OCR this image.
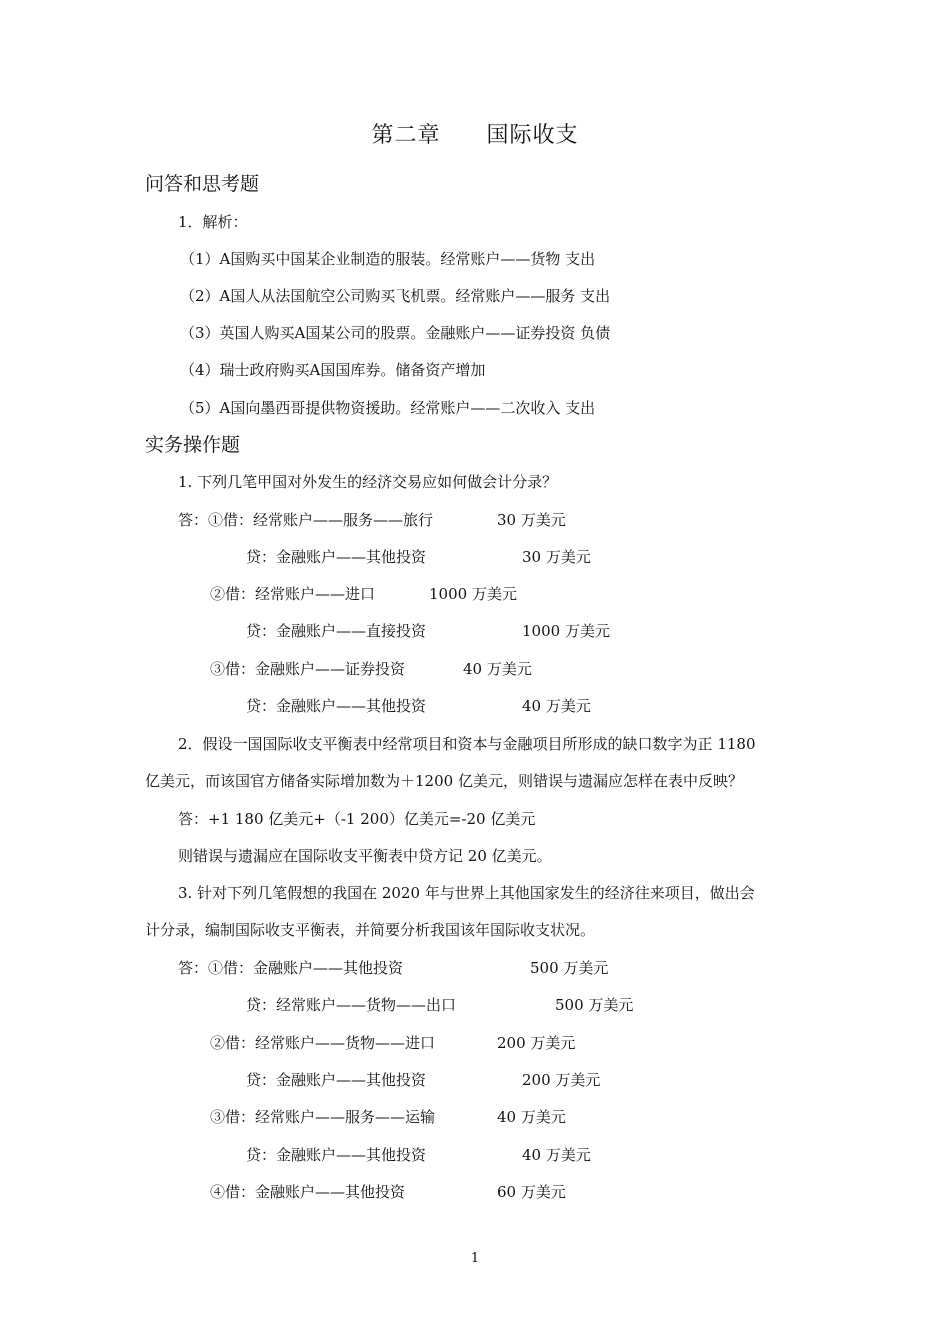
第二章　　国际收支
问答和思考题
1．解析：
（1）A国购买中国某企业制造的服装。经常账户——货物 支出
（2）A国人从法国航空公司购买飞机票。经常账户——服务 支出
（3）英国人购买A国某公司的股票。金融账户——证券投资 负债
（4）瑞士政府购买A国国库券。储备资产增加
（5）A国向墨西哥提供物资援助。经常账户——二次收入 支出
实务操作题
1. 下列几笔甲国对外发生的经济交易应如何做会计分录？
答：①借：经常账户——服务——旅行	30 万美元
贷：金融账户——其他投资	30 万美元
②借：经常账户——进口	1000 万美元
贷：金融账户——直接投资	1000 万美元
③借：金融账户——证券投资	40 万美元
贷：金融账户——其他投资	40 万美元
2．假设一国国际收支平衡表中经常项目和资本与金融项目所形成的缺口数字为正 1180
亿美元，而该国官方储备实际增加数为＋1200 亿美元，则错误与遗漏应怎样在表中反映？
答：+1 180 亿美元+（-1 200）亿美元=-20 亿美元
则错误与遗漏应在国际收支平衡表中贷方记 20 亿美元。
3. 针对下列几笔假想的我国在 2020 年与世界上其他国家发生的经济往来项目，做出会
计分录，编制国际收支平衡表，并简要分析我国该年国际收支状况。
答：①借：金融账户——其他投资	500 万美元
贷：经常账户——货物——出口	500 万美元
②借：经常账户——货物——进口	200 万美元
贷：金融账户——其他投资	200 万美元
③借：经常账户——服务——运输	40 万美元
贷：金融账户——其他投资	40 万美元
④借：金融账户——其他投资	60 万美元
1
